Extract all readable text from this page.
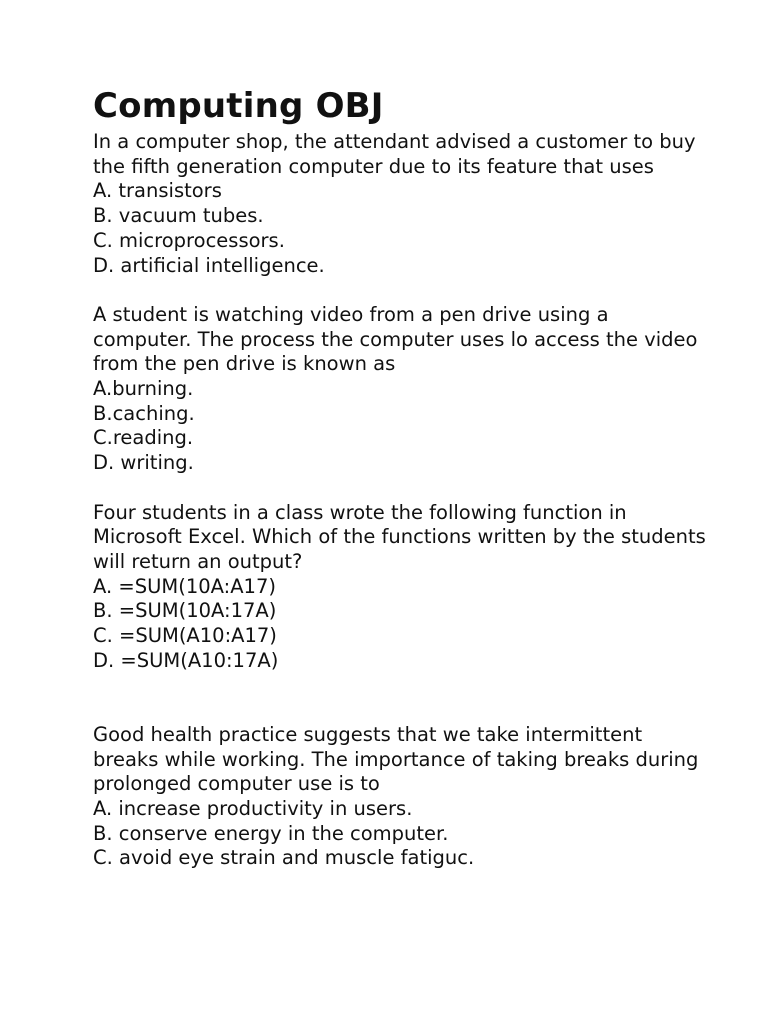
Computing OBJ
In a computer shop, the attendant advised a customer to buy the fifth generation computer due to its feature that uses
A. transistors
B. vacuum tubes.
C. microprocessors.
D. artificial intelligence.
A student is watching video from a pen drive using a computer. The process the computer uses lo access the video from the pen drive is known as
A.burning.
B.caching.
C.reading.
D. writing.
Four students in a class wrote the following function in Microsoft Excel. Which of the functions written by the students will return an output?
A. =SUM(10A:A17)
B. =SUM(10A:17A)
C. =SUM(A10:A17)
D. =SUM(A10:17A)
Good health practice suggests that we take intermittent breaks while working. The importance of taking breaks during prolonged computer use is to
A. increase productivity in users.
B. conserve energy in the computer.
C. avoid eye strain and muscle fatiguc.
